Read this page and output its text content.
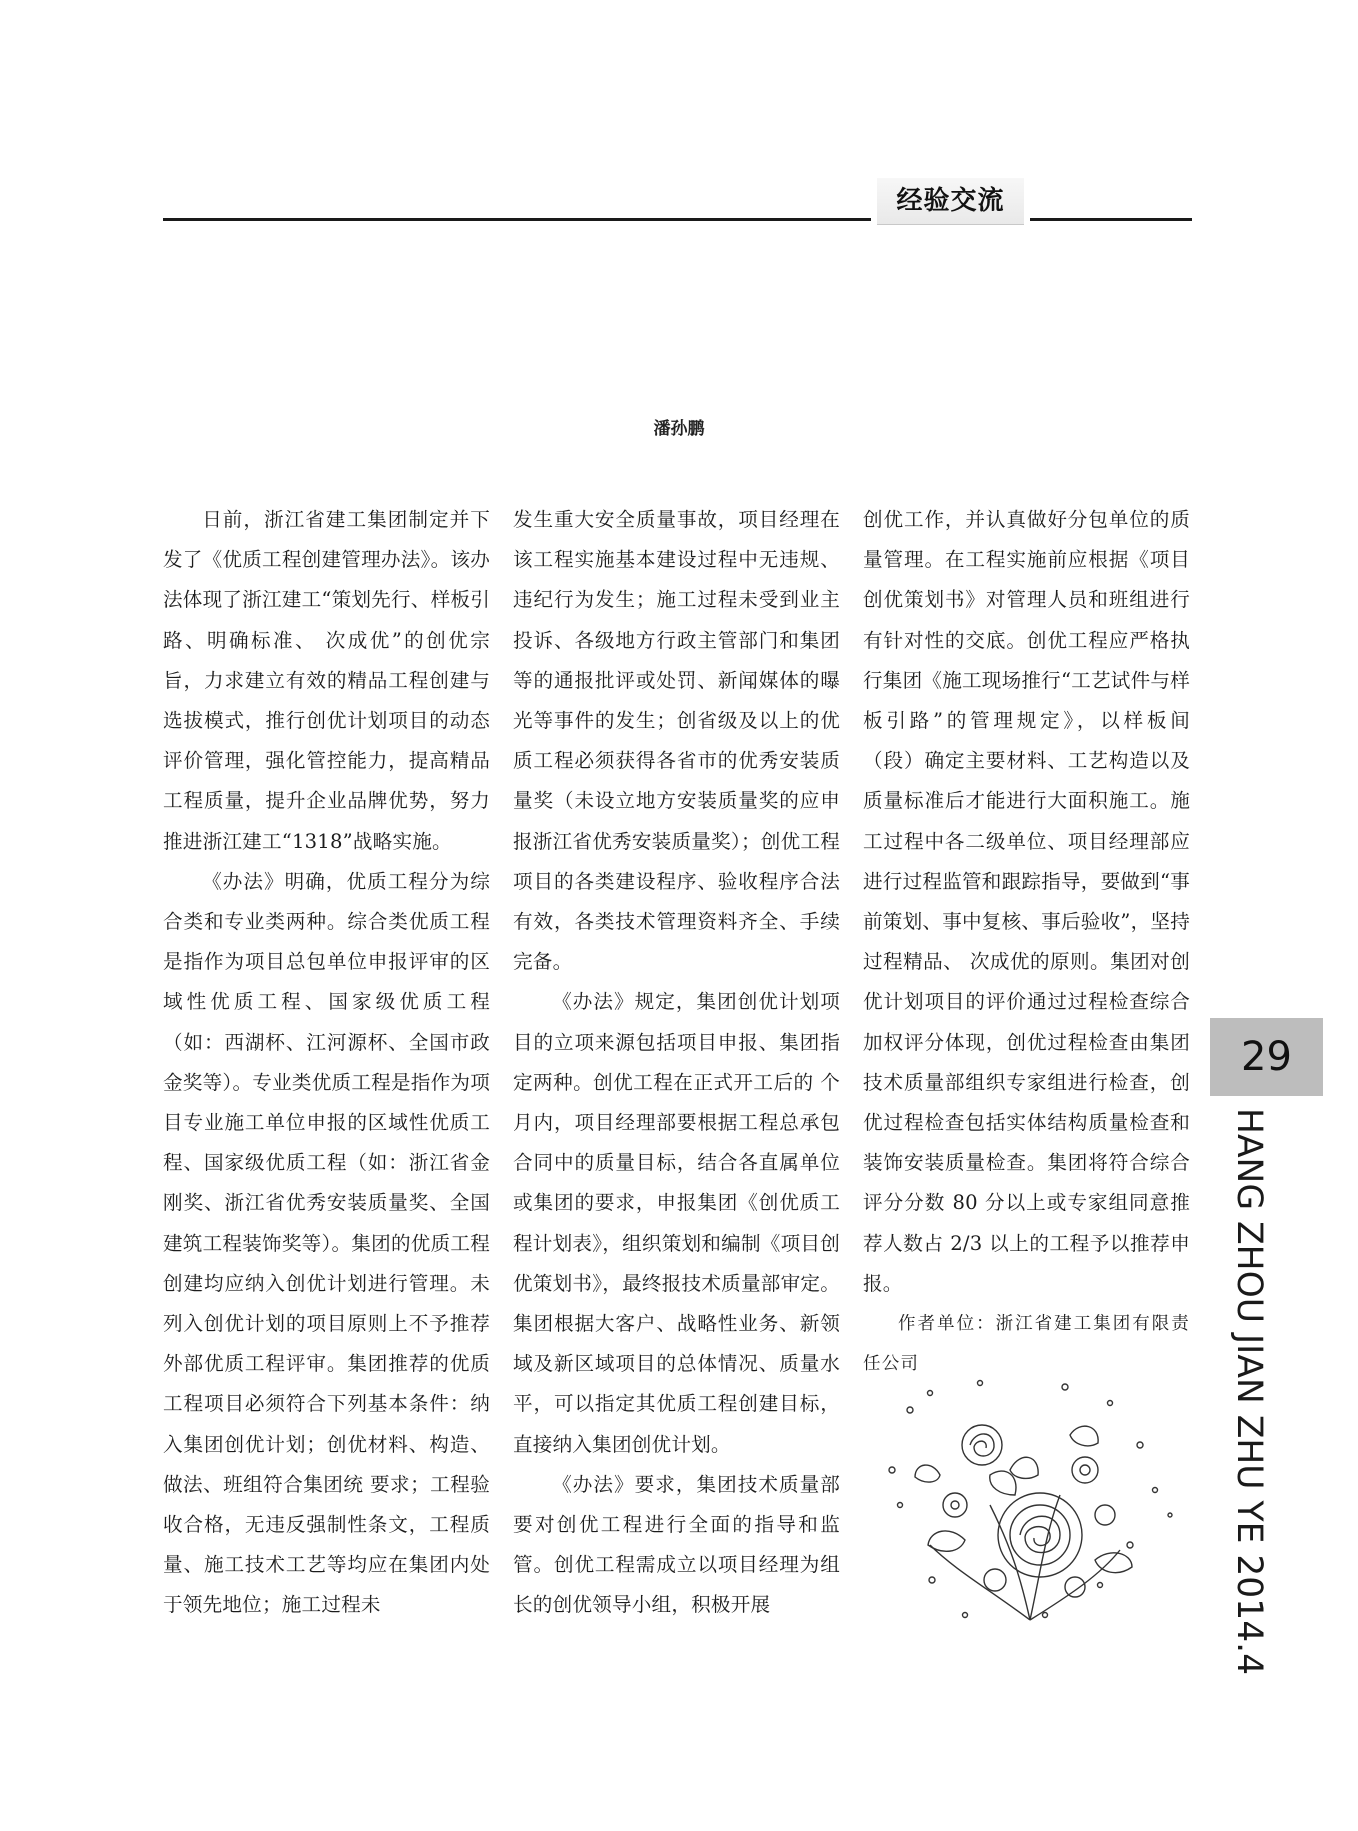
经验交流
潘孙鹏

日前，浙江省建工集团制定并下发了《优质工程创建管理办法》。该办法体现了浙江建工“策划先行、样板引路、明确标准、 次成优”的创优宗旨，力求建立有效的精品工程创建与选拔模式，推行创优计划项目的动态评价管理，强化管控能力，提高精品工程质量，提升企业品牌优势，努力推进浙江建工“1318”战略实施。

《办法》明确，优质工程分为综合类和专业类两种。综合类优质工程是指作为项目总包单位申报评审的区域性优质工程、国家级优质工程（如：西湖杯、江河源杯、全国市政金奖等）。专业类优质工程是指作为项目专业施工单位申报的区域性优质工程、国家级优质工程（如：浙江省金刚奖、浙江省优秀安装质量奖、全国建筑工程装饰奖等）。集团的优质工程创建均应纳入创优计划进行管理。未列入创优计划的项目原则上不予推荐外部优质工程评审。集团推荐的优质工程项目必须符合下列基本条件：纳入集团创优计划；创优材料、构造、做法、班组符合集团统 要求；工程验收合格，无违反强制性条文，工程质量、施工技术工艺等均应在集团内处于领先地位；施工过程未

发生重大安全质量事故，项目经理在该工程实施基本建设过程中无违规、违纪行为发生；施工过程未受到业主投诉、各级地方行政主管部门和集团等的通报批评或处罚、新闻媒体的曝光等事件的发生；创省级及以上的优质工程必须获得各省市的优秀安装质量奖（未设立地方安装质量奖的应申报浙江省优秀安装质量奖）；创优工程项目的各类建设程序、验收程序合法有效，各类技术管理资料齐全、手续完备。

《办法》规定，集团创优计划项目的立项来源包括项目申报、集团指定两种。创优工程在正式开工后的 个月内，项目经理部要根据工程总承包合同中的质量目标，结合各直属单位或集团的要求，申报集团《创优质工程计划表》，组织策划和编制《项目创优策划书》，最终报技术质量部审定。集团根据大客户、战略性业务、新领域及新区域项目的总体情况、质量水平，可以指定其优质工程创建目标，直接纳入集团创优计划。

《办法》要求，集团技术质量部要对创优工程进行全面的指导和监管。创优工程需成立以项目经理为组长的创优领导小组，积极开展

创优工作，并认真做好分包单位的质量管理。在工程实施前应根据《项目创优策划书》对管理人员和班组进行有针对性的交底。创优工程应严格执行集团《施工现场推行“工艺试件与样板引路”的管理规定》，以样板间（段）确定主要材料、工艺构造以及质量标准后才能进行大面积施工。施工过程中各二级单位、项目经理部应进行过程监管和跟踪指导，要做到“事前策划、事中复核、事后验收”，坚持过程精品、 次成优的原则。集团对创优计划项目的评价通过过程检查综合加权评分体现，创优过程检查由集团技术质量部组织专家组进行检查，创优过程检查包括实体结构质量检查和装饰安装质量检查。集团将符合综合评分分数 80 分以上或专家组同意推荐人数占 2/3 以上的工程予以推荐申报。

作者单位：浙江省建工集团有限责任公司

29
HANG ZHOU JIAN ZHU YE 2014.4
